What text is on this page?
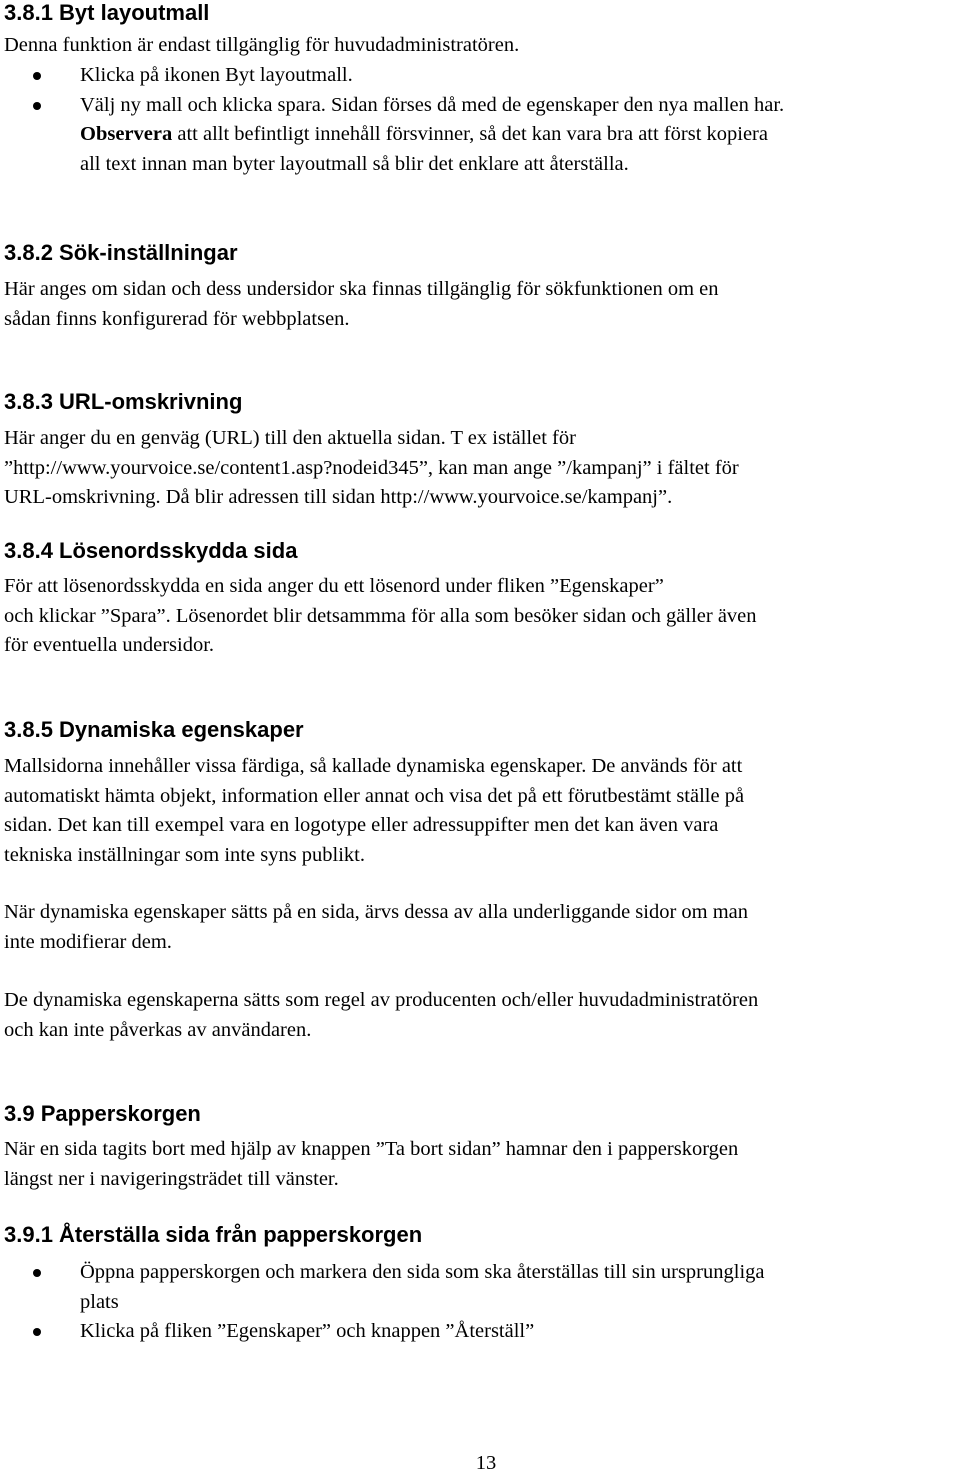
3.8.1 Byt layoutmall

Denna funktion är endast tillgänglig för huvudadministratören.

Klicka på ikonen Byt layoutmall.
Välj ny mall och klicka spara. Sidan förses då med de egenskaper den nya mallen har.
Observera att allt befintligt innehåll försvinner, så det kan vara bra att först kopiera
all text innan man byter layoutmall så blir det enklare att återställa.
3.8.2 Sök-inställningar

Här anges om sidan och dess undersidor ska finnas tillgänglig för sökfunktionen om en
sådan finns konfigurerad för webbplatsen.

3.8.3 URL-omskrivning

Här anger du en genväg (URL) till den aktuella sidan. T ex istället för
”http://www.yourvoice.se/content1.asp?nodeid345”, kan man ange ”/kampanj” i fältet för
URL-omskrivning. Då blir adressen till sidan http://www.yourvoice.se/kampanj”.

3.8.4 Lösenordsskydda sida

För att lösenordsskydda en sida anger du ett lösenord under fliken ”Egenskaper”
och klickar ”Spara”. Lösenordet blir detsammma för alla som besöker sidan och gäller även
för eventuella undersidor.

3.8.5 Dynamiska egenskaper

Mallsidorna innehåller vissa färdiga, så kallade dynamiska egenskaper. De används för att
automatiskt hämta objekt, information eller annat och visa det på ett förutbestämt ställe på
sidan. Det kan till exempel vara en logotype eller adressuppifter men det kan även vara
tekniska inställningar som inte syns publikt.

När dynamiska egenskaper sätts på en sida, ärvs dessa av alla underliggande sidor om man
inte modifierar dem.

De dynamiska egenskaperna sätts som regel av producenten och/eller huvudadministratören
och kan inte påverkas av användaren.

3.9 Papperskorgen

När en sida tagits bort med hjälp av knappen ”Ta bort sidan” hamnar den i papperskorgen
längst ner i navigeringsträdet till vänster.

3.9.1 Återställa sida från papperskorgen
Öppna papperskorgen och markera den sida som ska återställas till sin ursprungliga
plats
Klicka på fliken ”Egenskaper” och knappen ”Återställ”
13
